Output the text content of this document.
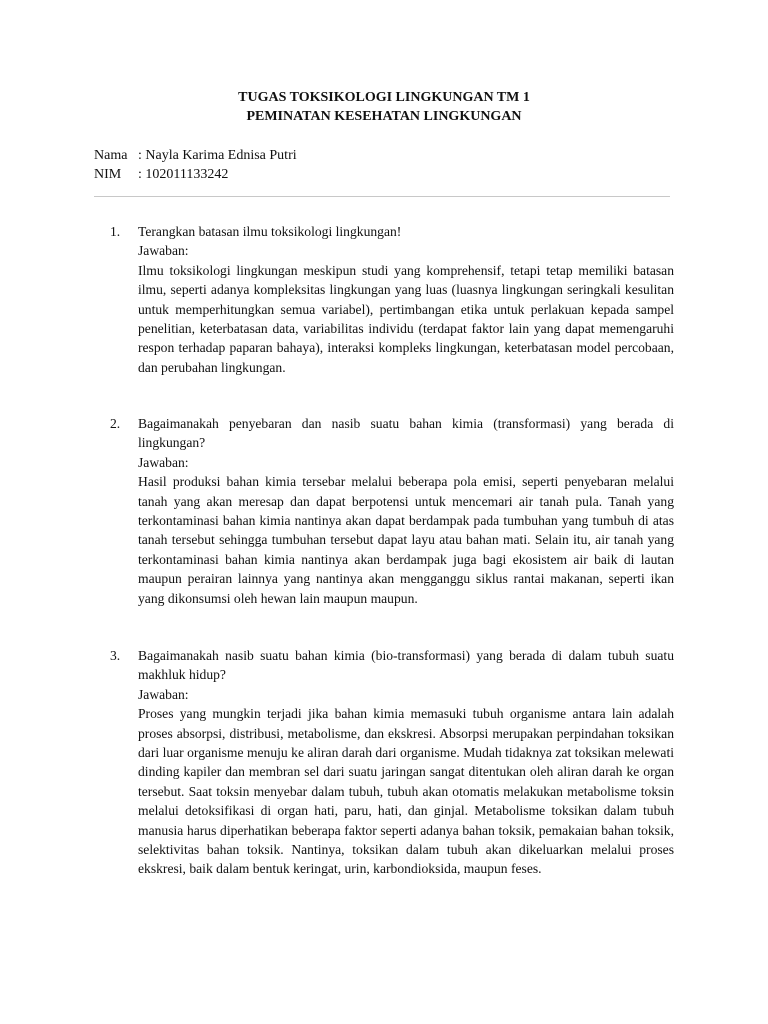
TUGAS TOKSIKOLOGI LINGKUNGAN TM 1
PEMINATAN KESEHATAN LINGKUNGAN
Nama : Nayla Karima Ednisa Putri
NIM	: 102011133242
1.	Terangkan batasan ilmu toksikologi lingkungan!
Jawaban:
Ilmu toksikologi lingkungan meskipun studi yang komprehensif, tetapi tetap memiliki batasan ilmu, seperti adanya kompleksitas lingkungan yang luas (luasnya lingkungan seringkali kesulitan untuk memperhitungkan semua variabel), pertimbangan etika untuk perlakuan kepada sampel penelitian, keterbatasan data, variabilitas individu (terdapat faktor lain yang dapat memengaruhi respon terhadap paparan bahaya), interaksi kompleks lingkungan, keterbatasan model percobaan, dan perubahan lingkungan.
2.	Bagaimanakah penyebaran dan nasib suatu bahan kimia (transformasi) yang berada di lingkungan?
Jawaban:
Hasil produksi bahan kimia tersebar melalui beberapa pola emisi, seperti penyebaran melalui tanah yang akan meresap dan dapat berpotensi untuk mencemari air tanah pula. Tanah yang terkontaminasi bahan kimia nantinya akan dapat berdampak pada tumbuhan yang tumbuh di atas tanah tersebut sehingga tumbuhan tersebut dapat layu atau bahan mati. Selain itu, air tanah yang terkontaminasi bahan kimia nantinya akan berdampak juga bagi ekosistem air baik di lautan maupun perairan lainnya yang nantinya akan mengganggu siklus rantai makanan, seperti ikan yang dikonsumsi oleh hewan lain maupun maupun.
3.	Bagaimanakah nasib suatu bahan kimia (bio-transformasi) yang berada di dalam tubuh suatu makhluk hidup?
Jawaban:
Proses yang mungkin terjadi jika bahan kimia memasuki tubuh organisme antara lain adalah proses absorpsi, distribusi, metabolisme, dan ekskresi. Absorpsi merupakan perpindahan toksikan dari luar organisme menuju ke aliran darah dari organisme. Mudah tidaknya zat toksikan melewati dinding kapiler dan membran sel dari suatu jaringan sangat ditentukan oleh aliran darah ke organ tersebut. Saat toksin menyebar dalam tubuh, tubuh akan otomatis melakukan metabolisme toksin melalui detoksifikasi di organ hati, paru, hati, dan ginjal. Metabolisme toksikan dalam tubuh manusia harus diperhatikan beberapa faktor seperti adanya bahan toksik, pemakaian bahan toksik, selektivitas bahan toksik. Nantinya, toksikan dalam tubuh akan dikeluarkan melalui proses ekskresi, baik dalam bentuk keringat, urin, karbondioksida, maupun feses.
